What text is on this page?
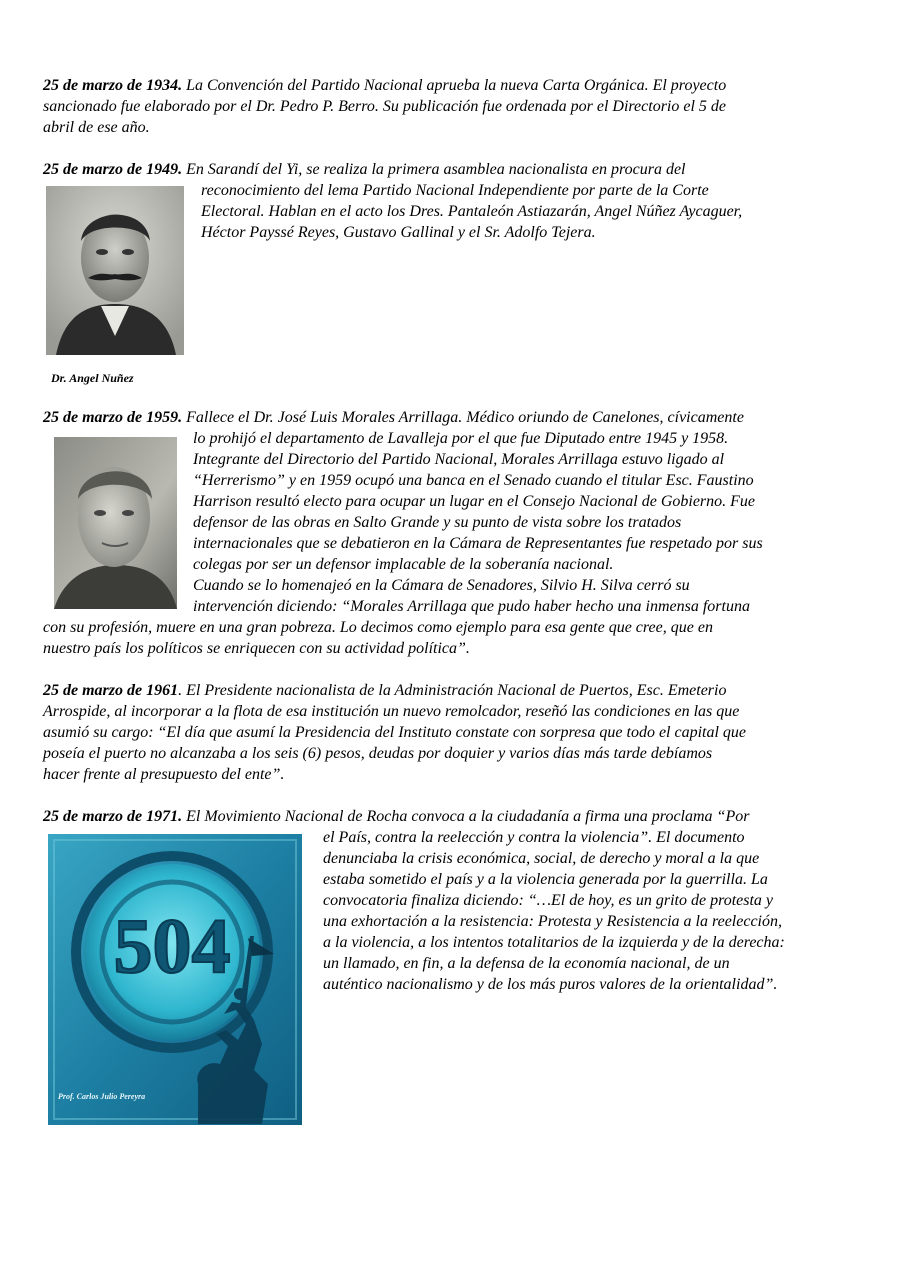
25 de marzo de 1934. La Convención del Partido Nacional aprueba la nueva Carta Orgánica. El proyecto
sancionado fue elaborado por el Dr. Pedro P. Berro. Su publicación fue ordenada por el Directorio el 5 de
abril de ese año.
25 de marzo de 1949. En Sarandí del Yi, se realiza la primera asamblea nacionalista en procura del
reconocimiento del lema Partido Nacional Independiente por parte de la Corte
Electoral. Hablan en el acto los Dres. Pantaleón Astiazarán, Angel Núñez Aycaguer,
Héctor Payssé Reyes, Gustavo Gallinal y el Sr. Adolfo Tejera.
Dr. Angel Nuñez
25 de marzo de 1959. Fallece el Dr. José Luis Morales Arrillaga. Médico oriundo de Canelones, cívicamente
lo prohijó el departamento de Lavalleja por el que fue Diputado entre 1945 y 1958.
Integrante del Directorio del Partido Nacional, Morales Arrillaga estuvo ligado al
“Herrerismo” y en 1959 ocupó una banca en el Senado cuando el titular Esc. Faustino
Harrison resultó electo para ocupar un lugar en el Consejo Nacional de Gobierno. Fue
defensor de las obras en Salto Grande y su punto de vista sobre los tratados
internacionales que se debatieron en la Cámara de Representantes fue respetado por sus
colegas por ser un defensor implacable de la soberanía nacional.
Cuando se lo homenajeó en la Cámara de Senadores, Silvio H. Silva cerró su
intervención diciendo: “Morales Arrillaga que pudo haber hecho una inmensa fortuna
con su profesión, muere en una gran pobreza. Lo decimos como ejemplo para esa gente que cree, que en
nuestro país los políticos se enriquecen con su actividad política”.
25 de marzo de 1961. El Presidente nacionalista de la Administración Nacional de Puertos, Esc. Emeterio
Arrospide, al incorporar a la flota de esa institución un nuevo remolcador, reseñó las condiciones en las que
asumió su cargo: “El día que asumí la Presidencia del Instituto constate con sorpresa que todo el capital que
poseía el puerto no alcanzaba a los seis (6) pesos, deudas por doquier y varios días más tarde debíamos
hacer frente al presupuesto del ente”.
25 de marzo de 1971. El Movimiento Nacional de Rocha convoca a la ciudadanía a firma una proclama “Por
el País, contra la reelección y contra la violencia”. El documento
denunciaba la crisis económica, social, de derecho y moral a la que
estaba sometido el país y a la violencia generada por la guerrilla. La
convocatoria finaliza diciendo: “…El de hoy, es un grito de protesta y
una exhortación a la resistencia: Protesta y Resistencia a la reelección,
a la violencia, a los intentos totalitarios de la izquierda y de la derecha:
un llamado, en fin, a la defensa de la economía nacional, de un
auténtico nacionalismo y de los más puros valores de la orientalidad”.
504
Prof. Carlos Julio Pereyra
